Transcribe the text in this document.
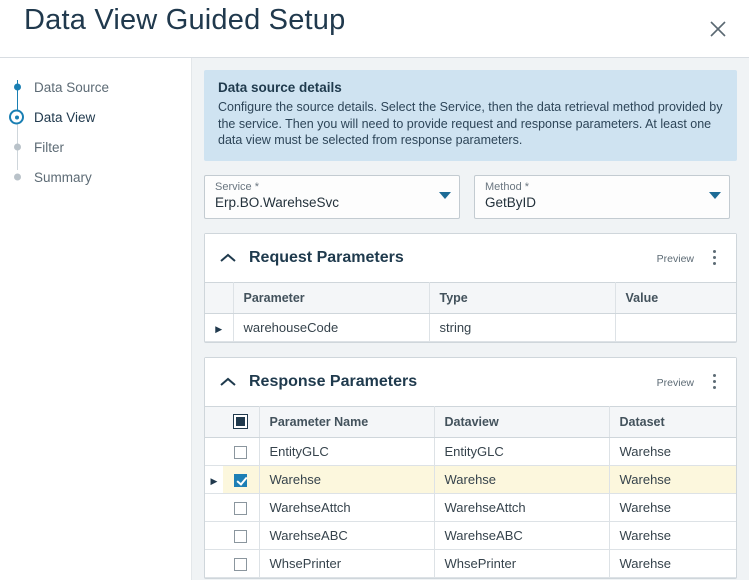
Data View Guided Setup
Data Source
Data View
Filter
Summary
Data source details
Configure the source details. Select the Service, then the data retrieval method provided by the service. Then you will need to provide request and response parameters. At least one data view must be selected from response parameters.
Service *
Erp.BO.WarehseSvc
Method *
GetByID
Request Parameters	Preview
	Parameter	Type	Value
▶	warehouseCode	string	
Response Parameters	Preview
		Parameter Name	Dataview	Dataset
		EntityGLC	EntityGLC	Warehse
▶		Warehse	Warehse	Warehse
		WarehseAttch	WarehseAttch	Warehse
		WarehseABC	WarehseABC	Warehse
		WhsePrinter	WhsePrinter	Warehse
